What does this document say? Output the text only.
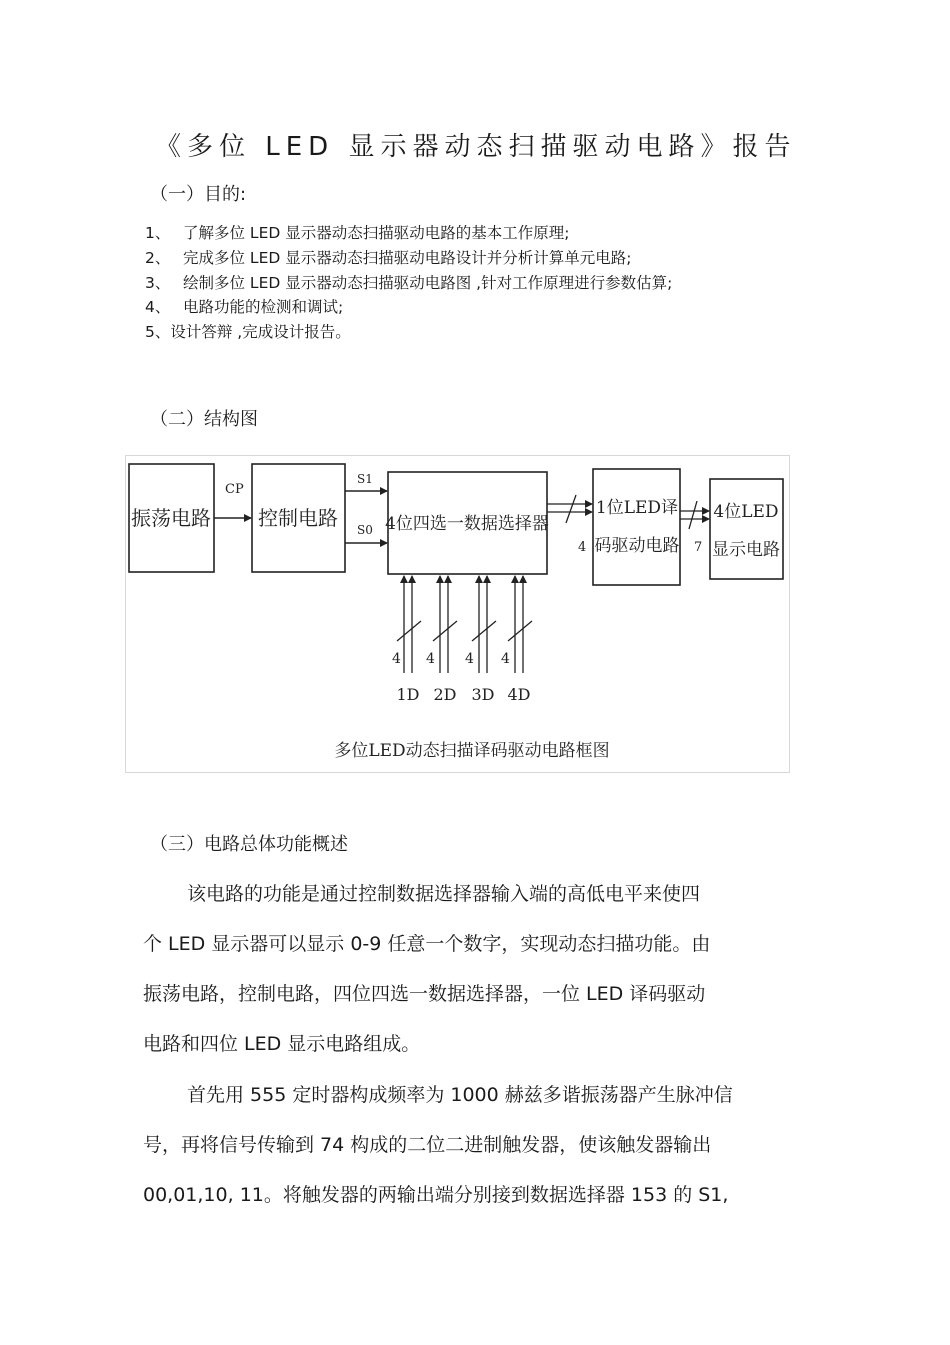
《多位 LED 显示器动态扫描驱动电路》报告
（一）目的:
1、 了解多位 LED 显示器动态扫描驱动电路的基本工作原理;
2、 完成多位 LED 显示器动态扫描驱动电路设计并分析计算单元电路;
3、 绘制多位 LED 显示器动态扫描驱动电路图 ,针对工作原理进行参数估算;
4、 电路功能的检测和调试;
5、设计答辩 ,完成设计报告。
（二）结构图
振荡电路
CP
控制电路
S1
S0 4位四选一数据选择器
4
1位LED译
码驱动电路 7
4位LED
显示电路
4
1D
4
2D
4
3D
4
4D
多位LED动态扫描译码驱动电路框图
（三）电路总体功能概述
该电路的功能是通过控制数据选择器输入端的高低电平来使四
个 LED 显示器可以显示 0-9 任意一个数字，实现动态扫描功能。由
振荡电路，控制电路，四位四选一数据选择器，一位 LED 译码驱动
电路和四位 LED 显示电路组成。
首先用 555 定时器构成频率为 1000 赫兹多谐振荡器产生脉冲信
号，再将信号传输到 74 构成的二位二进制触发器，使该触发器输出
00,01,10, 11。将触发器的两输出端分别接到数据选择器 153 的 S1,
